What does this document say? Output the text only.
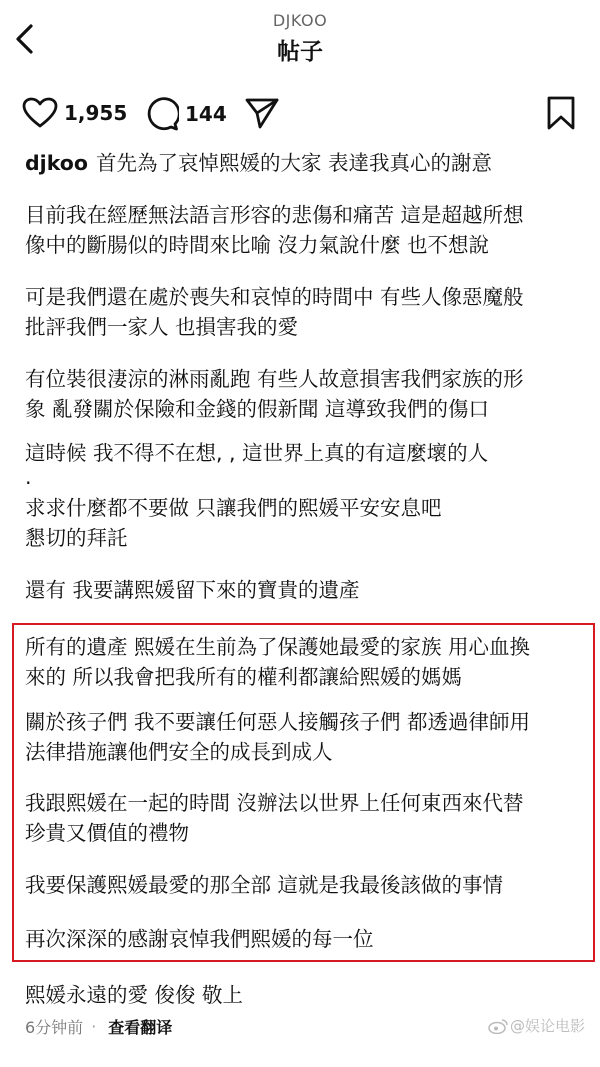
DJKOO
帖子
1,955	144
djkoo 首先為了哀悼熙媛的大家 表達我真心的謝意
目前我在經歷無法語言形容的悲傷和痛苦 這是超越所想
像中的斷腸似的時間來比喻 沒力氣說什麼 也不想說
可是我們還在處於喪失和哀悼的時間中 有些人像惡魔般
批評我們一家人 也損害我的愛
有位裝很淒涼的淋雨亂跑 有些人故意損害我們家族的形
象 亂發關於保險和金錢的假新聞 這導致我們的傷口
這時候 我不得不在想, , 這世界上真的有這麼壞的人
.
求求什麼都不要做 只讓我們的熙媛平安安息吧
懇切的拜託
還有 我要講熙媛留下來的寶貴的遺產
所有的遺產 熙媛在生前為了保護她最愛的家族 用心血換
來的 所以我會把我所有的權利都讓給熙媛的媽媽
關於孩子們 我不要讓任何惡人接觸孩子們 都透過律師用
法律措施讓他們安全的成長到成人
我跟熙媛在一起的時間 沒辦法以世界上任何東西來代替
珍貴又價值的禮物
我要保護熙媛最愛的那全部 這就是我最後該做的事情
再次深深的感謝哀悼我們熙媛的每一位
熙媛永遠的愛 俊俊 敬上
6分钟前 · 查看翻译	@娱论电影
